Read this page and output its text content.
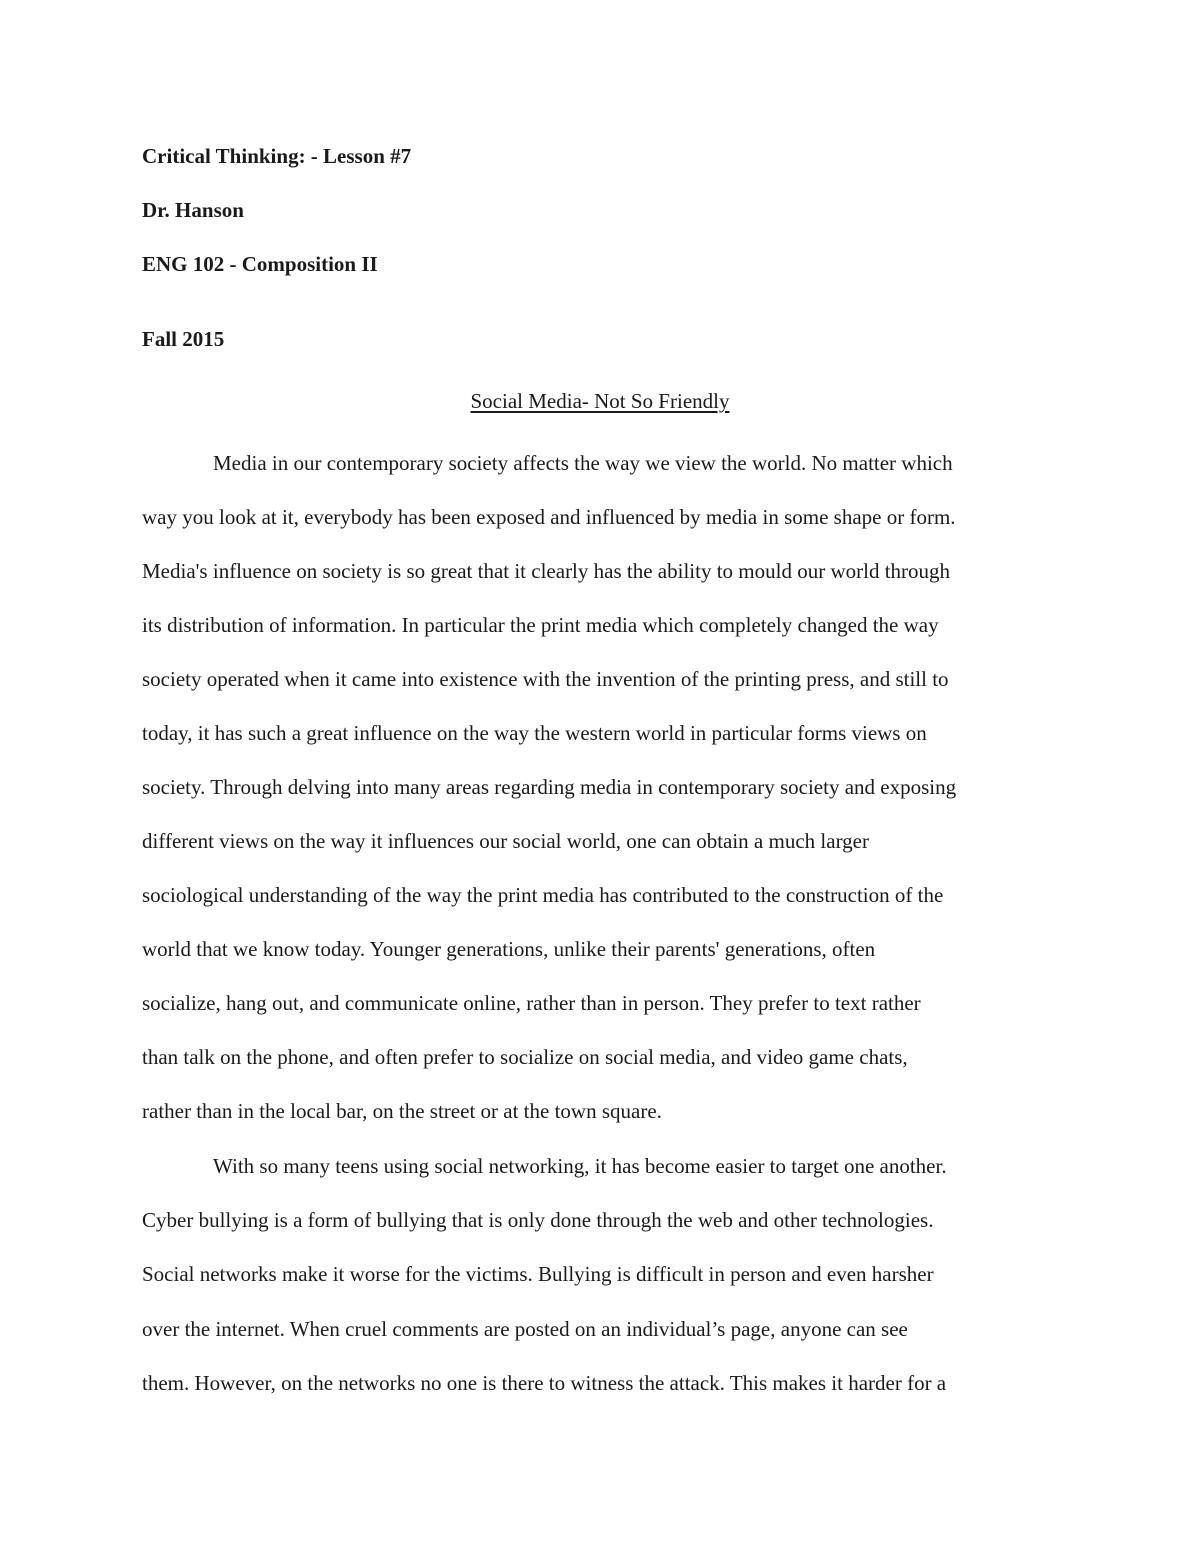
Critical Thinking: - Lesson #7
Dr. Hanson
ENG 102 - Composition II
Fall 2015
Social Media- Not So Friendly
Media in our contemporary society affects the way we view the world. No matter which
way you look at it, everybody has been exposed and influenced by media in some shape or form.
Media's influence on society is so great that it clearly has the ability to mould our world through
its distribution of information. In particular the print media which completely changed the way
society operated when it came into existence with the invention of the printing press, and still to
today, it has such a great influence on the way the western world in particular forms views on
society. Through delving into many areas regarding media in contemporary society and exposing
different views on the way it influences our social world, one can obtain a much larger
sociological understanding of the way the print media has contributed to the construction of the
world that we know today. Younger generations, unlike their parents' generations, often
socialize, hang out, and communicate online, rather than in person. They prefer to text rather
than talk on the phone, and often prefer to socialize on social media, and video game chats,
rather than in the local bar, on the street or at the town square.
With so many teens using social networking, it has become easier to target one another.
Cyber bullying is a form of bullying that is only done through the web and other technologies.
Social networks make it worse for the victims. Bullying is difficult in person and even harsher
over the internet. When cruel comments are posted on an individual’s page, anyone can see
them. However, on the networks no one is there to witness the attack. This makes it harder for a
